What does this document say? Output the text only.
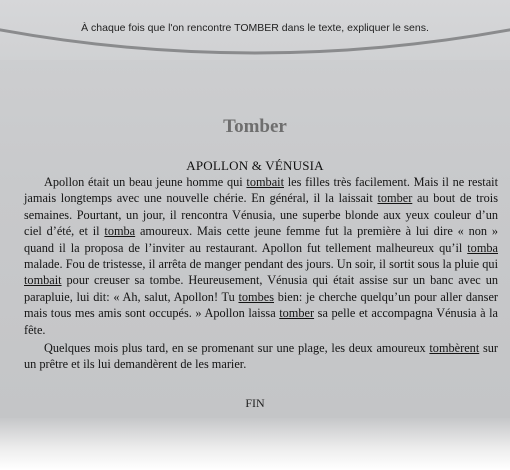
À chaque fois que l'on rencontre TOMBER dans le texte, expliquer le sens.
Tomber
APOLLON & VÉNUSIA

Apollon était un beau jeune homme qui tombait les filles très facilement. Mais il ne restait jamais longtemps avec une nouvelle chérie. En général, il la laissait tomber au bout de trois semaines. Pourtant, un jour, il rencontra Vénusia, une superbe blonde aux yeux couleur d’un ciel d’été, et il tomba amoureux. Mais cette jeune femme fut la première à lui dire « non » quand il la proposa de l’inviter au restaurant. Apollon fut tellement malheureux qu’il tomba malade. Fou de tristesse, il arrêta de manger pendant des jours. Un soir, il sortit sous la pluie qui tombait pour creuser sa tombe. Heureusement, Vénusia qui était assise sur un banc avec un parapluie, lui dit: « Ah, salut, Apollon! Tu tombes bien: je cherche quelqu’un pour aller danser mais tous mes amis sont occupés. » Apollon laissa tomber sa pelle et accompagna Vénusia à la fête.

Quelques mois plus tard, en se promenant sur une plage, les deux amoureux tombèrent sur un prêtre et ils lui demandèrent de les marier.

FIN
